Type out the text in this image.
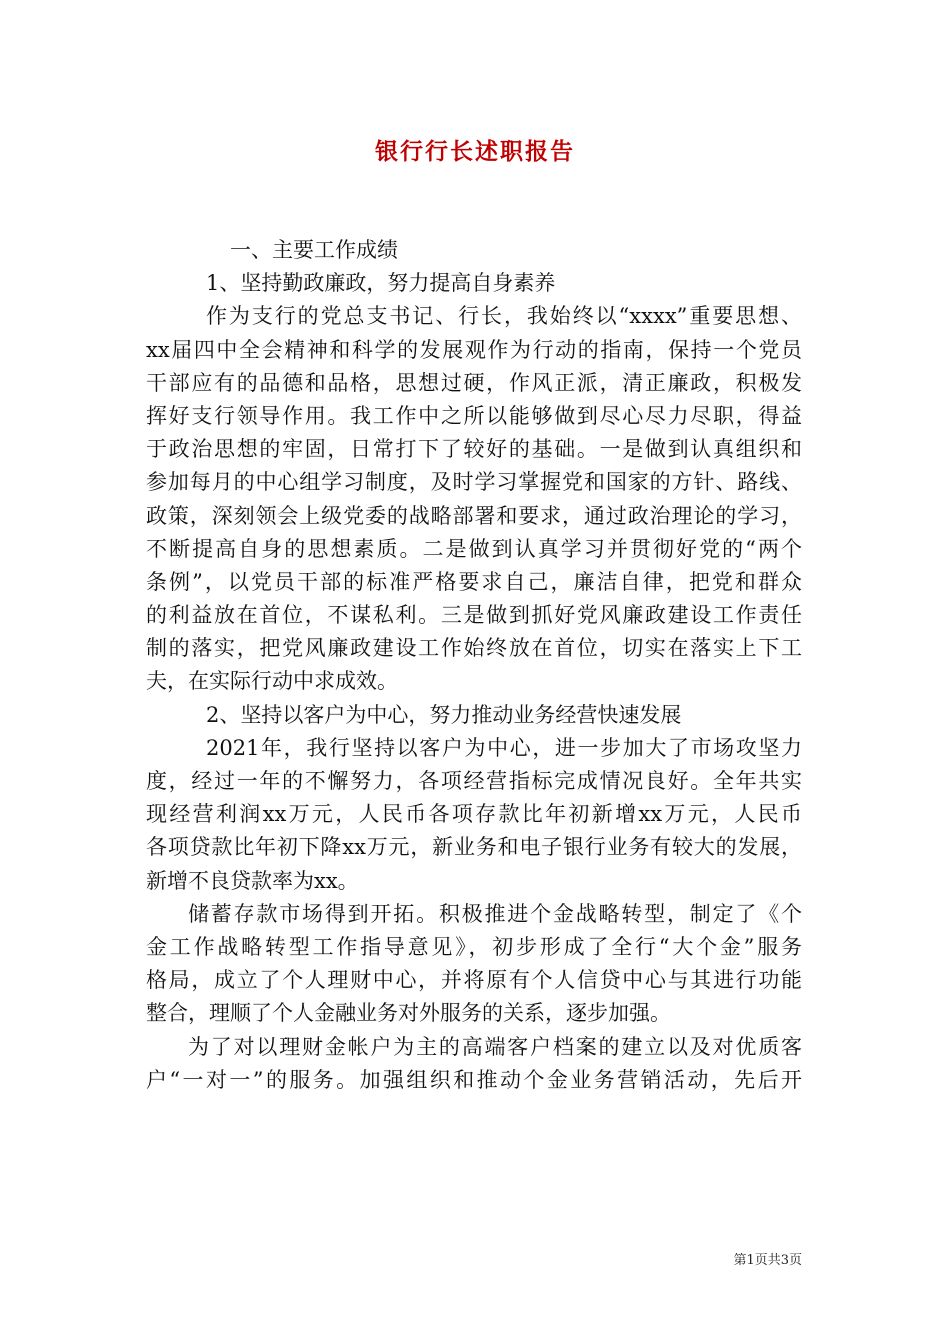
银行行长述职报告
一、主要工作成绩
1、坚持勤政廉政，努力提高自身素养
作为支行的党总支书记、行长，我始终以“xxxx”重要思想、
xx届四中全会精神和科学的发展观作为行动的指南，保持一个党员
干部应有的品德和品格，思想过硬，作风正派，清正廉政，积极发
挥好支行领导作用。我工作中之所以能够做到尽心尽力尽职，得益
于政治思想的牢固，日常打下了较好的基础。一是做到认真组织和
参加每月的中心组学习制度，及时学习掌握党和国家的方针、路线、
政策，深刻领会上级党委的战略部署和要求，通过政治理论的学习，
不断提高自身的思想素质。二是做到认真学习并贯彻好党的“两个
条例”，以党员干部的标准严格要求自己，廉洁自律，把党和群众
的利益放在首位，不谋私利。三是做到抓好党风廉政建设工作责任
制的落实，把党风廉政建设工作始终放在首位，切实在落实上下工
夫，在实际行动中求成效。
2、坚持以客户为中心，努力推动业务经营快速发展
2021年，我行坚持以客户为中心，进一步加大了市场攻坚力
度，经过一年的不懈努力，各项经营指标完成情况良好。全年共实
现经营利润xx万元，人民币各项存款比年初新增xx万元，人民币
各项贷款比年初下降xx万元，新业务和电子银行业务有较大的发展，
新增不良贷款率为xx。
储蓄存款市场得到开拓。积极推进个金战略转型，制定了《个
金工作战略转型工作指导意见》，初步形成了全行“大个金”服务
格局，成立了个人理财中心，并将原有个人信贷中心与其进行功能
整合，理顺了个人金融业务对外服务的关系，逐步加强。
为了对以理财金帐户为主的高端客户档案的建立以及对优质客
户“一对一”的服务。加强组织和推动个金业务营销活动，先后开
第1页共3页
